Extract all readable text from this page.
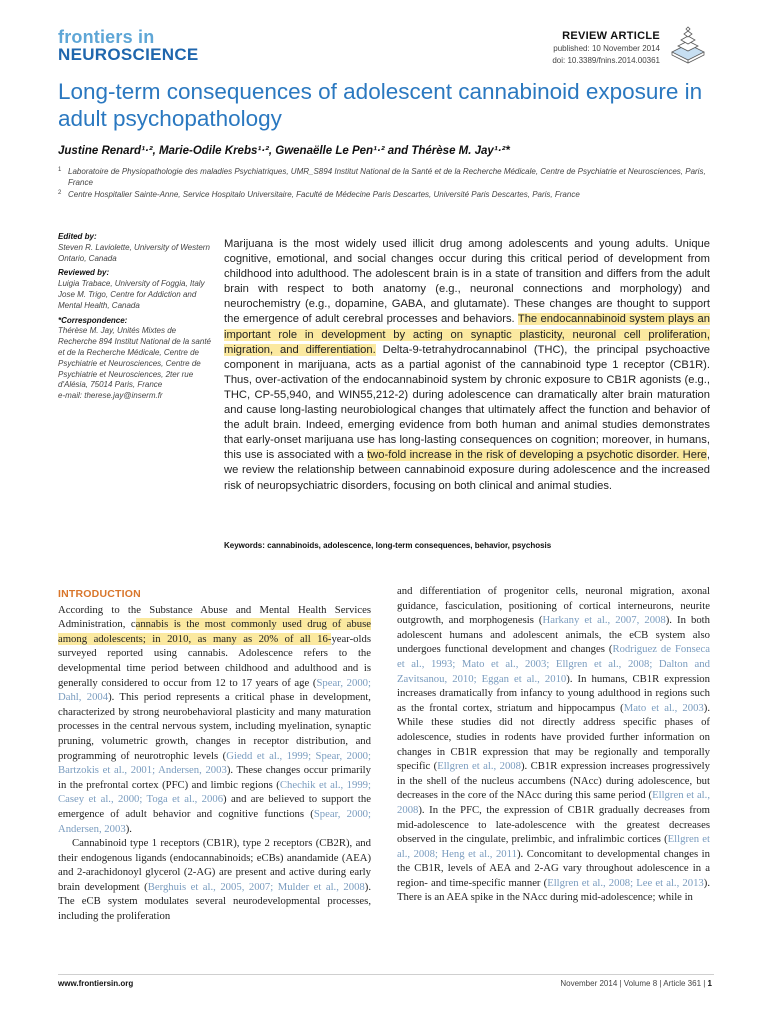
frontiers in
NEUROSCIENCE
REVIEW ARTICLE
published: 10 November 2014
doi: 10.3389/fnins.2014.00361
Long-term consequences of adolescent cannabinoid exposure in adult psychopathology
Justine Renard¹·², Marie-Odile Krebs¹·², Gwenaëlle Le Pen¹·² and Thérèse M. Jay¹·²*
1 Laboratoire de Physiopathologie des maladies Psychiatriques, UMR_S894 Institut National de la Santé et de la Recherche Médicale, Centre de Psychiatrie et Neurosciences, Paris, France
2 Centre Hospitalier Sainte-Anne, Service Hospitalo Universitaire, Faculté de Médecine Paris Descartes, Université Paris Descartes, Paris, France
Edited by:
Steven R. Laviolette, University of Western Ontario, Canada
Reviewed by:
Luigia Trabace, University of Foggia, Italy
Jose M. Trigo, Centre for Addiction and Mental Health, Canada
*Correspondence:
Thérèse M. Jay, Unités Mixtes de Recherche 894 Institut National de la santé et de la Recherche Médicale, Centre de Psychiatrie et Neurosciences, Centre de Psychiatrie et Neurosciences, 2ter rue d'Alésia, 75014 Paris, France
e-mail: therese.jay@inserm.fr
Marijuana is the most widely used illicit drug among adolescents and young adults. Unique cognitive, emotional, and social changes occur during this critical period of development from childhood into adulthood. The adolescent brain is in a state of transition and differs from the adult brain with respect to both anatomy (e.g., neuronal connections and morphology) and neurochemistry (e.g., dopamine, GABA, and glutamate). These changes are thought to support the emergence of adult cerebral processes and behaviors. The endocannabinoid system plays an important role in development by acting on synaptic plasticity, neuronal cell proliferation, migration, and differentiation. Delta-9-tetrahydrocannabinol (THC), the principal psychoactive component in marijuana, acts as a partial agonist of the cannabinoid type 1 receptor (CB1R). Thus, over-activation of the endocannabinoid system by chronic exposure to CB1R agonists (e.g., THC, CP-55,940, and WIN55,212-2) during adolescence can dramatically alter brain maturation and cause long-lasting neurobiological changes that ultimately affect the function and behavior of the adult brain. Indeed, emerging evidence from both human and animal studies demonstrates that early-onset marijuana use has long-lasting consequences on cognition; moreover, in humans, this use is associated with a two-fold increase in the risk of developing a psychotic disorder. Here, we review the relationship between cannabinoid exposure during adolescence and the increased risk of neuropsychiatric disorders, focusing on both clinical and animal studies.
Keywords: cannabinoids, adolescence, long-term consequences, behavior, psychosis
INTRODUCTION

According to the Substance Abuse and Mental Health Services Administration, cannabis is the most commonly used drug of abuse among adolescents; in 2010, as many as 20% of all 16-year-olds surveyed reported using cannabis. Adolescence refers to the developmental time period between childhood and adulthood and is generally considered to occur from 12 to 17 years of age (Spear, 2000; Dahl, 2004). This period represents a critical phase in development, characterized by strong neurobehavioral plasticity and many maturation processes in the central nervous system, including myelination, synaptic pruning, volumetric growth, changes in receptor distribution, and programming of neurotrophic levels (Giedd et al., 1999; Spear, 2000; Bartzokis et al., 2001; Andersen, 2003). These changes occur primarily in the prefrontal cortex (PFC) and limbic regions (Chechik et al., 1999; Casey et al., 2000; Toga et al., 2006) and are believed to support the emergence of adult behavior and cognitive functions (Spear, 2000; Andersen, 2003).

Cannabinoid type 1 receptors (CB1R), type 2 receptors (CB2R), and their endogenous ligands (endocannabinoids; eCBs) anandamide (AEA) and 2-arachidonoyl glycerol (2-AG) are present and active during early brain development (Berghuis et al., 2005, 2007; Mulder et al., 2008). The eCB system modulates several neurodevelopmental processes, including the proliferation

and differentiation of progenitor cells, neuronal migration, axonal guidance, fasciculation, positioning of cortical interneurons, neurite outgrowth, and morphogenesis (Harkany et al., 2007, 2008). In both adolescent humans and adolescent animals, the eCB system also undergoes functional development and changes (Rodriguez de Fonseca et al., 1993; Mato et al., 2003; Ellgren et al., 2008; Dalton and Zavitsanou, 2010; Eggan et al., 2010). In humans, CB1R expression increases dramatically from infancy to young adulthood in regions such as the frontal cortex, striatum and hippocampus (Mato et al., 2003). While these studies did not directly address specific phases of adolescence, studies in rodents have provided further information on changes in CB1R expression that may be regionally and temporally specific (Ellgren et al., 2008). CB1R expression increases progressively in the shell of the nucleus accumbens (NAcc) during adolescence, but decreases in the core of the NAcc during this same period (Ellgren et al., 2008). In the PFC, the expression of CB1R gradually decreases from mid-adolescence to late-adolescence with the greatest decreases observed in the cingulate, prelimbic, and infralimbic cortices (Ellgren et al., 2008; Heng et al., 2011). Concomitant to developmental changes in the CB1R, levels of AEA and 2-AG vary throughout adolescence in a region- and time-specific manner (Ellgren et al., 2008; Lee et al., 2013). There is an AEA spike in the NAcc during mid-adolescence; while in

www.frontiersin.org	November 2014 | Volume 8 | Article 361 | 1
